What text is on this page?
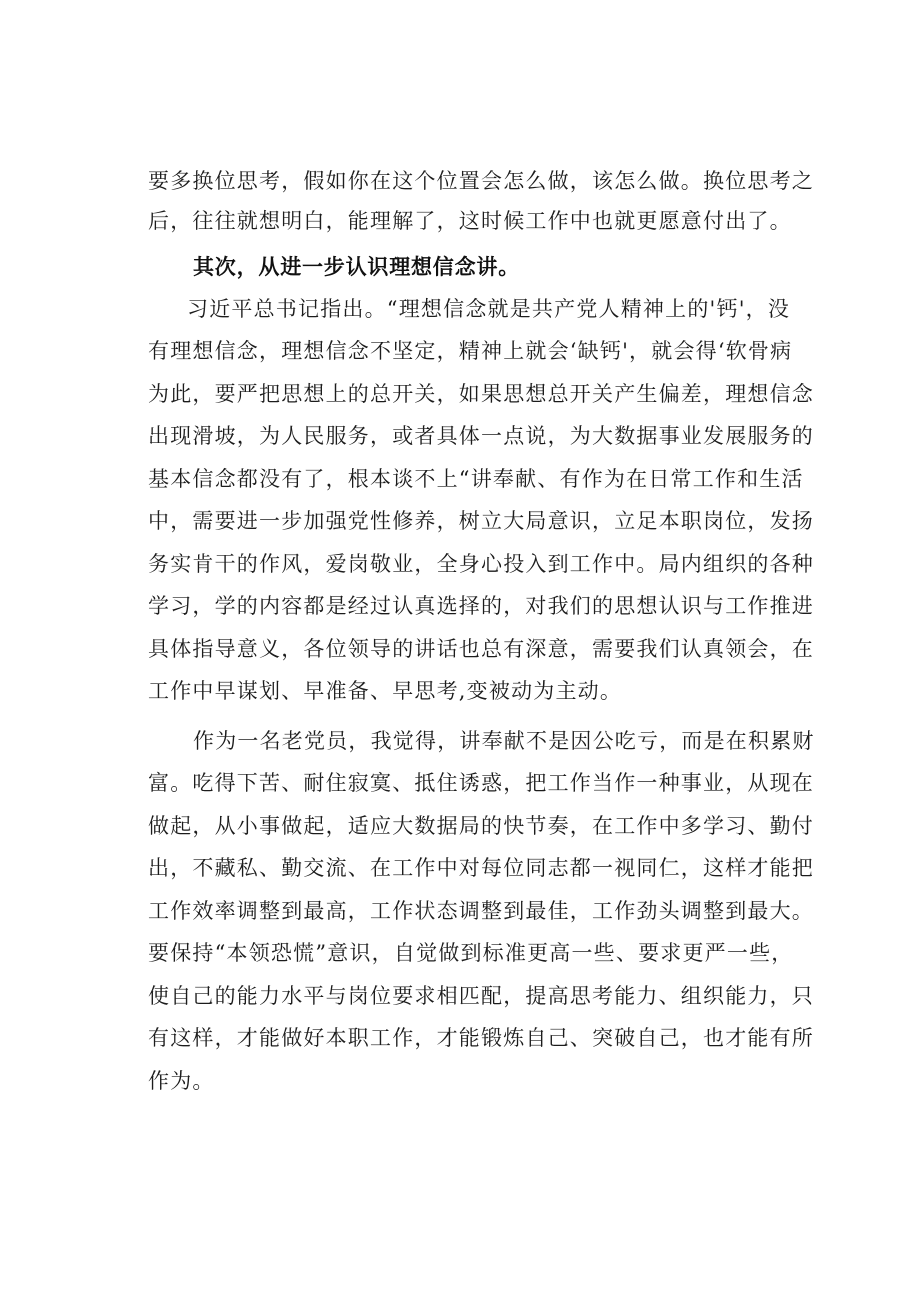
要多换位思考，假如你在这个位置会怎么做，该怎么做。换位思考之
后，往往就想明白，能理解了，这时候工作中也就更愿意付出了。
其次，从进一步认识理想信念讲。
习近平总书记指出。“理想信念就是共产党人精神上的'钙'，没
有理想信念，理想信念不坚定，精神上就会‘缺钙'，就会得‘软骨病
为此，要严把思想上的总开关，如果思想总开关产生偏差，理想信念
出现滑坡，为人民服务，或者具体一点说，为大数据事业发展服务的
基本信念都没有了，根本谈不上“讲奉献、有作为在日常工作和生活
中，需要进一步加强党性修养，树立大局意识，立足本职岗位，发扬
务实肯干的作风，爱岗敬业，全身心投入到工作中。局内组织的各种
学习，学的内容都是经过认真选择的，对我们的思想认识与工作推进
具体指导意义，各位领导的讲话也总有深意，需要我们认真领会，在
工作中早谋划、早准备、早思考,变被动为主动。
作为一名老党员，我觉得，讲奉献不是因公吃亏，而是在积累财
富。吃得下苦、耐住寂寞、抵住诱惑，把工作当作一种事业，从现在
做起，从小事做起，适应大数据局的快节奏，在工作中多学习、勤付
出，不藏私、勤交流、在工作中对每位同志都一视同仁，这样才能把
工作效率调整到最高，工作状态调整到最佳，工作劲头调整到最大。
要保持“本领恐慌”意识，自觉做到标准更高一些、要求更严一些，
使自己的能力水平与岗位要求相匹配，提高思考能力、组织能力，只
有这样，才能做好本职工作，才能锻炼自己、突破自己，也才能有所
作为。
